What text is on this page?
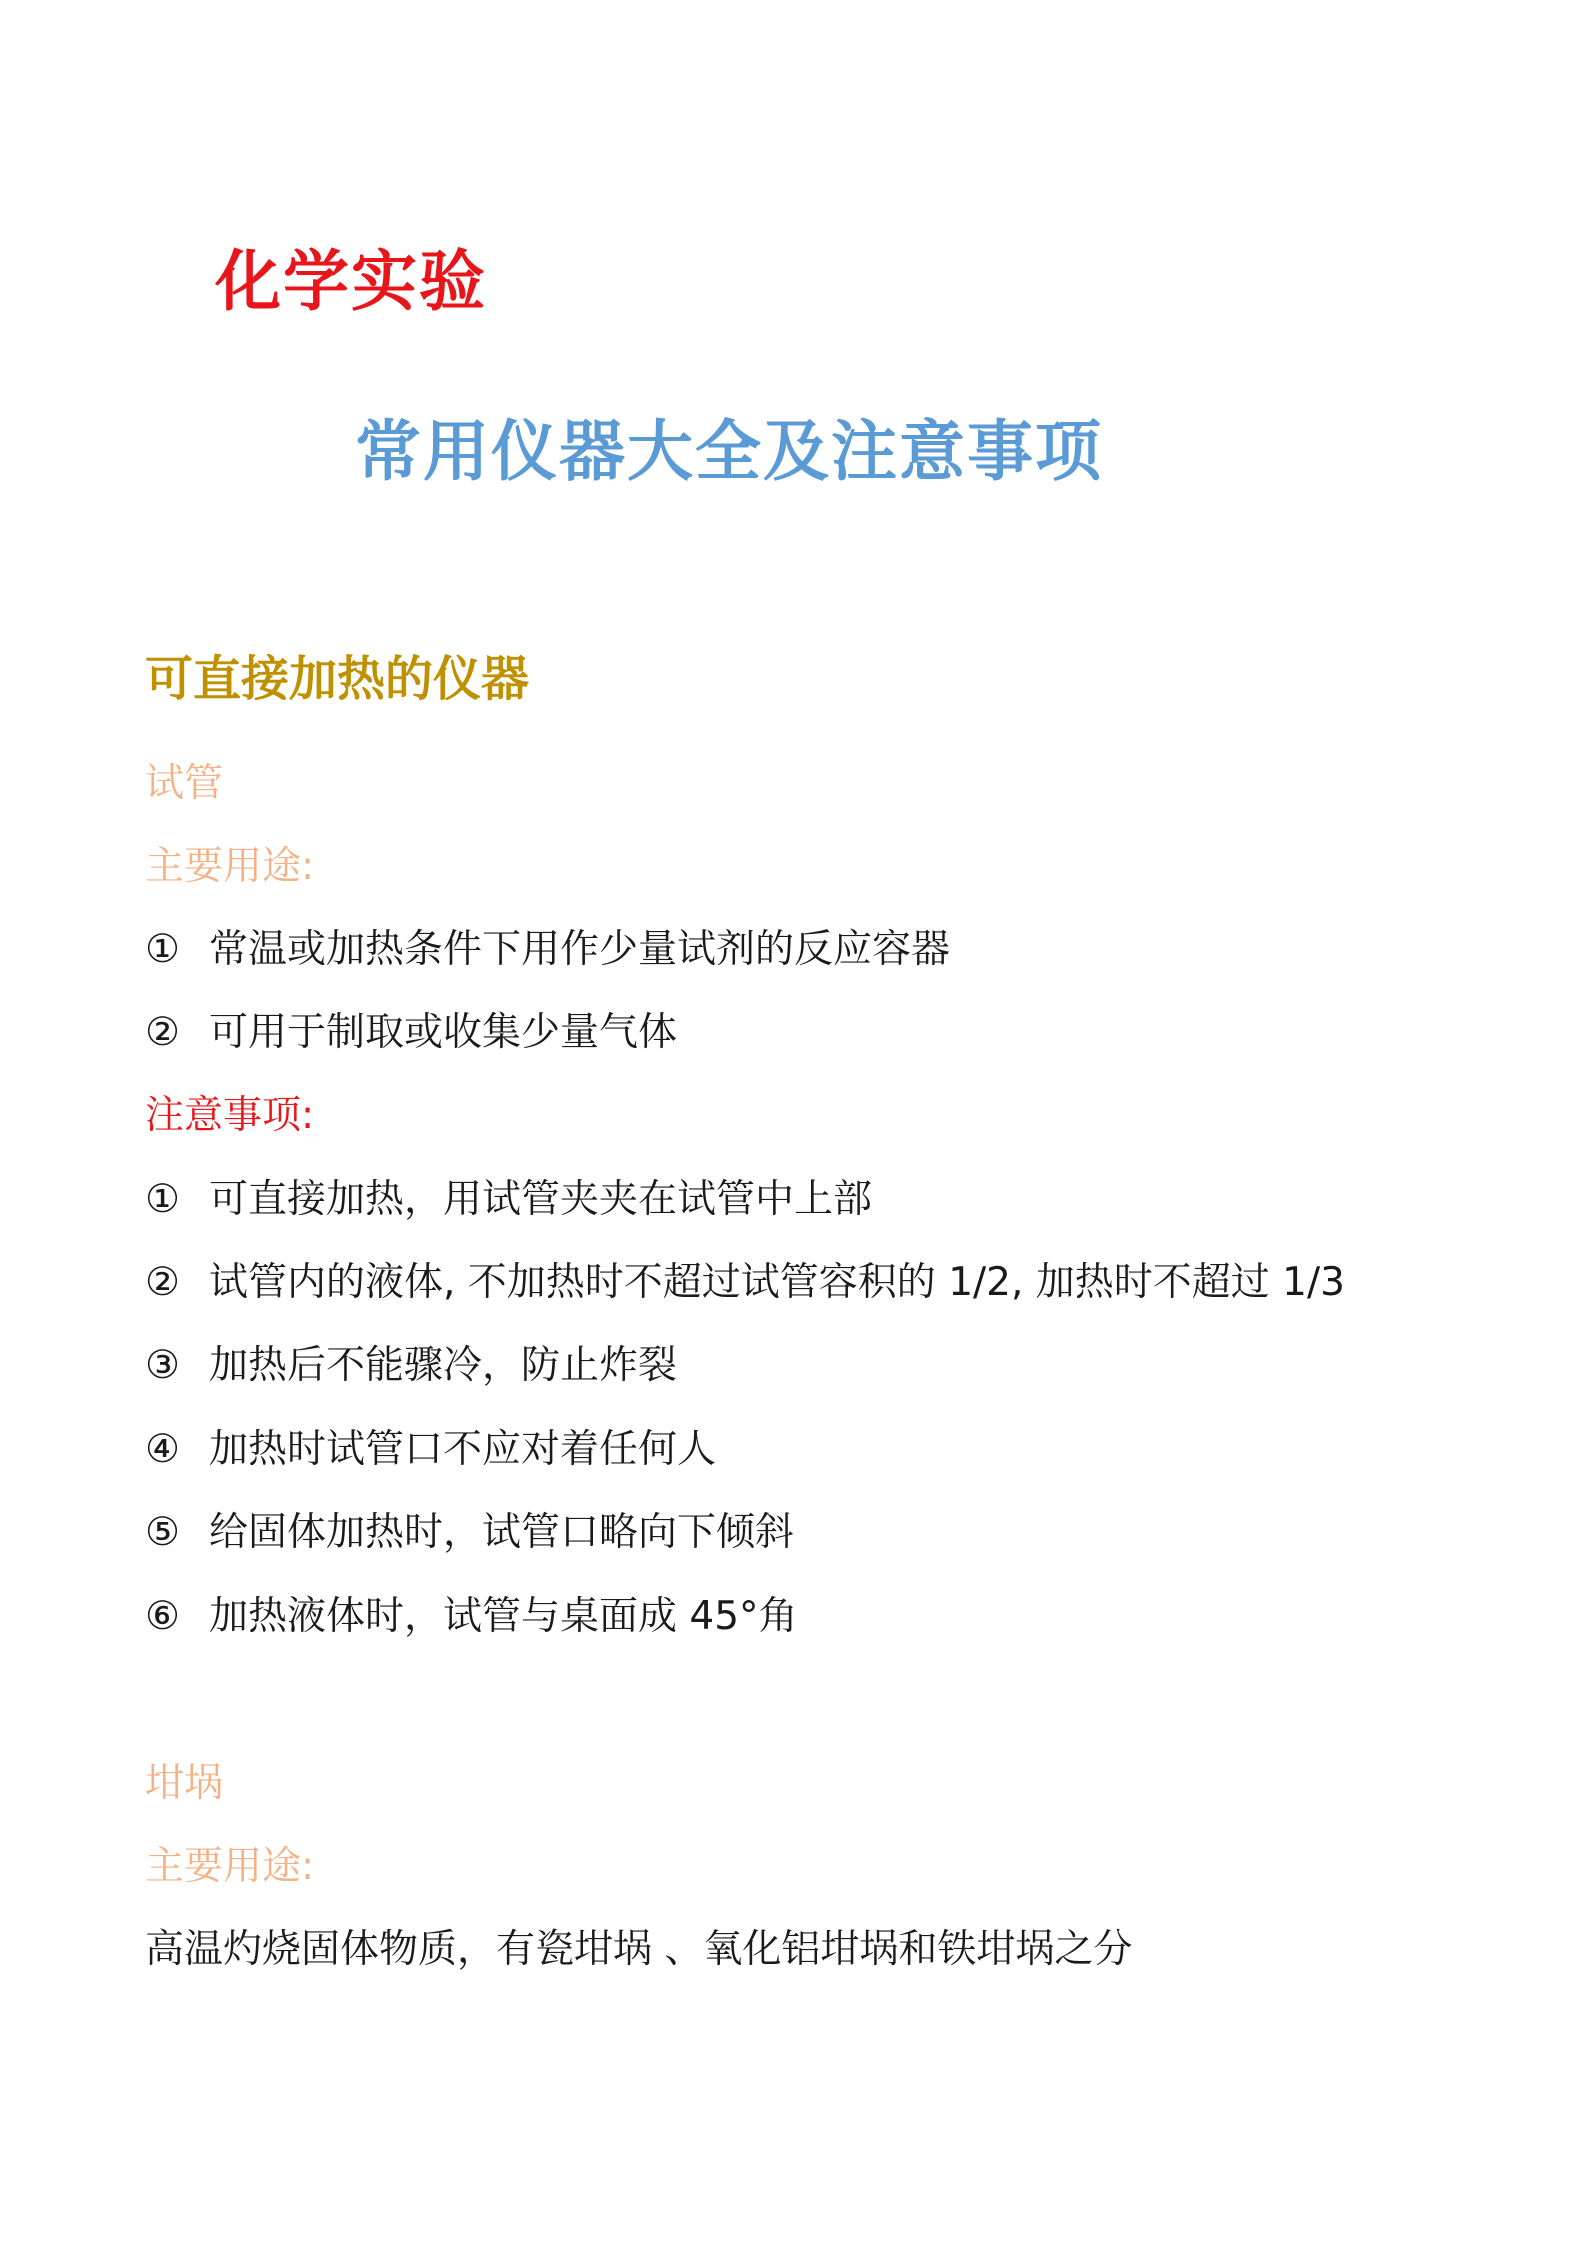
化学实验
常用仪器大全及注意事项
可直接加热的仪器
试管
主要用途:
① 常温或加热条件下用作少量试剂的反应容器
② 可用于制取或收集少量气体
注意事项:
① 可直接加热，用试管夹夹在试管中上部
② 试管内的液体, 不加热时不超过试管容积的 1/2, 加热时不超过 1/3
③ 加热后不能骤冷，防止炸裂
④ 加热时试管口不应对着任何人
⑤ 给固体加热时，试管口略向下倾斜
⑥ 加热液体时，试管与桌面成 45°角
坩埚
主要用途:
高温灼烧固体物质，有瓷坩埚 、氧化铝坩埚和铁坩埚之分
